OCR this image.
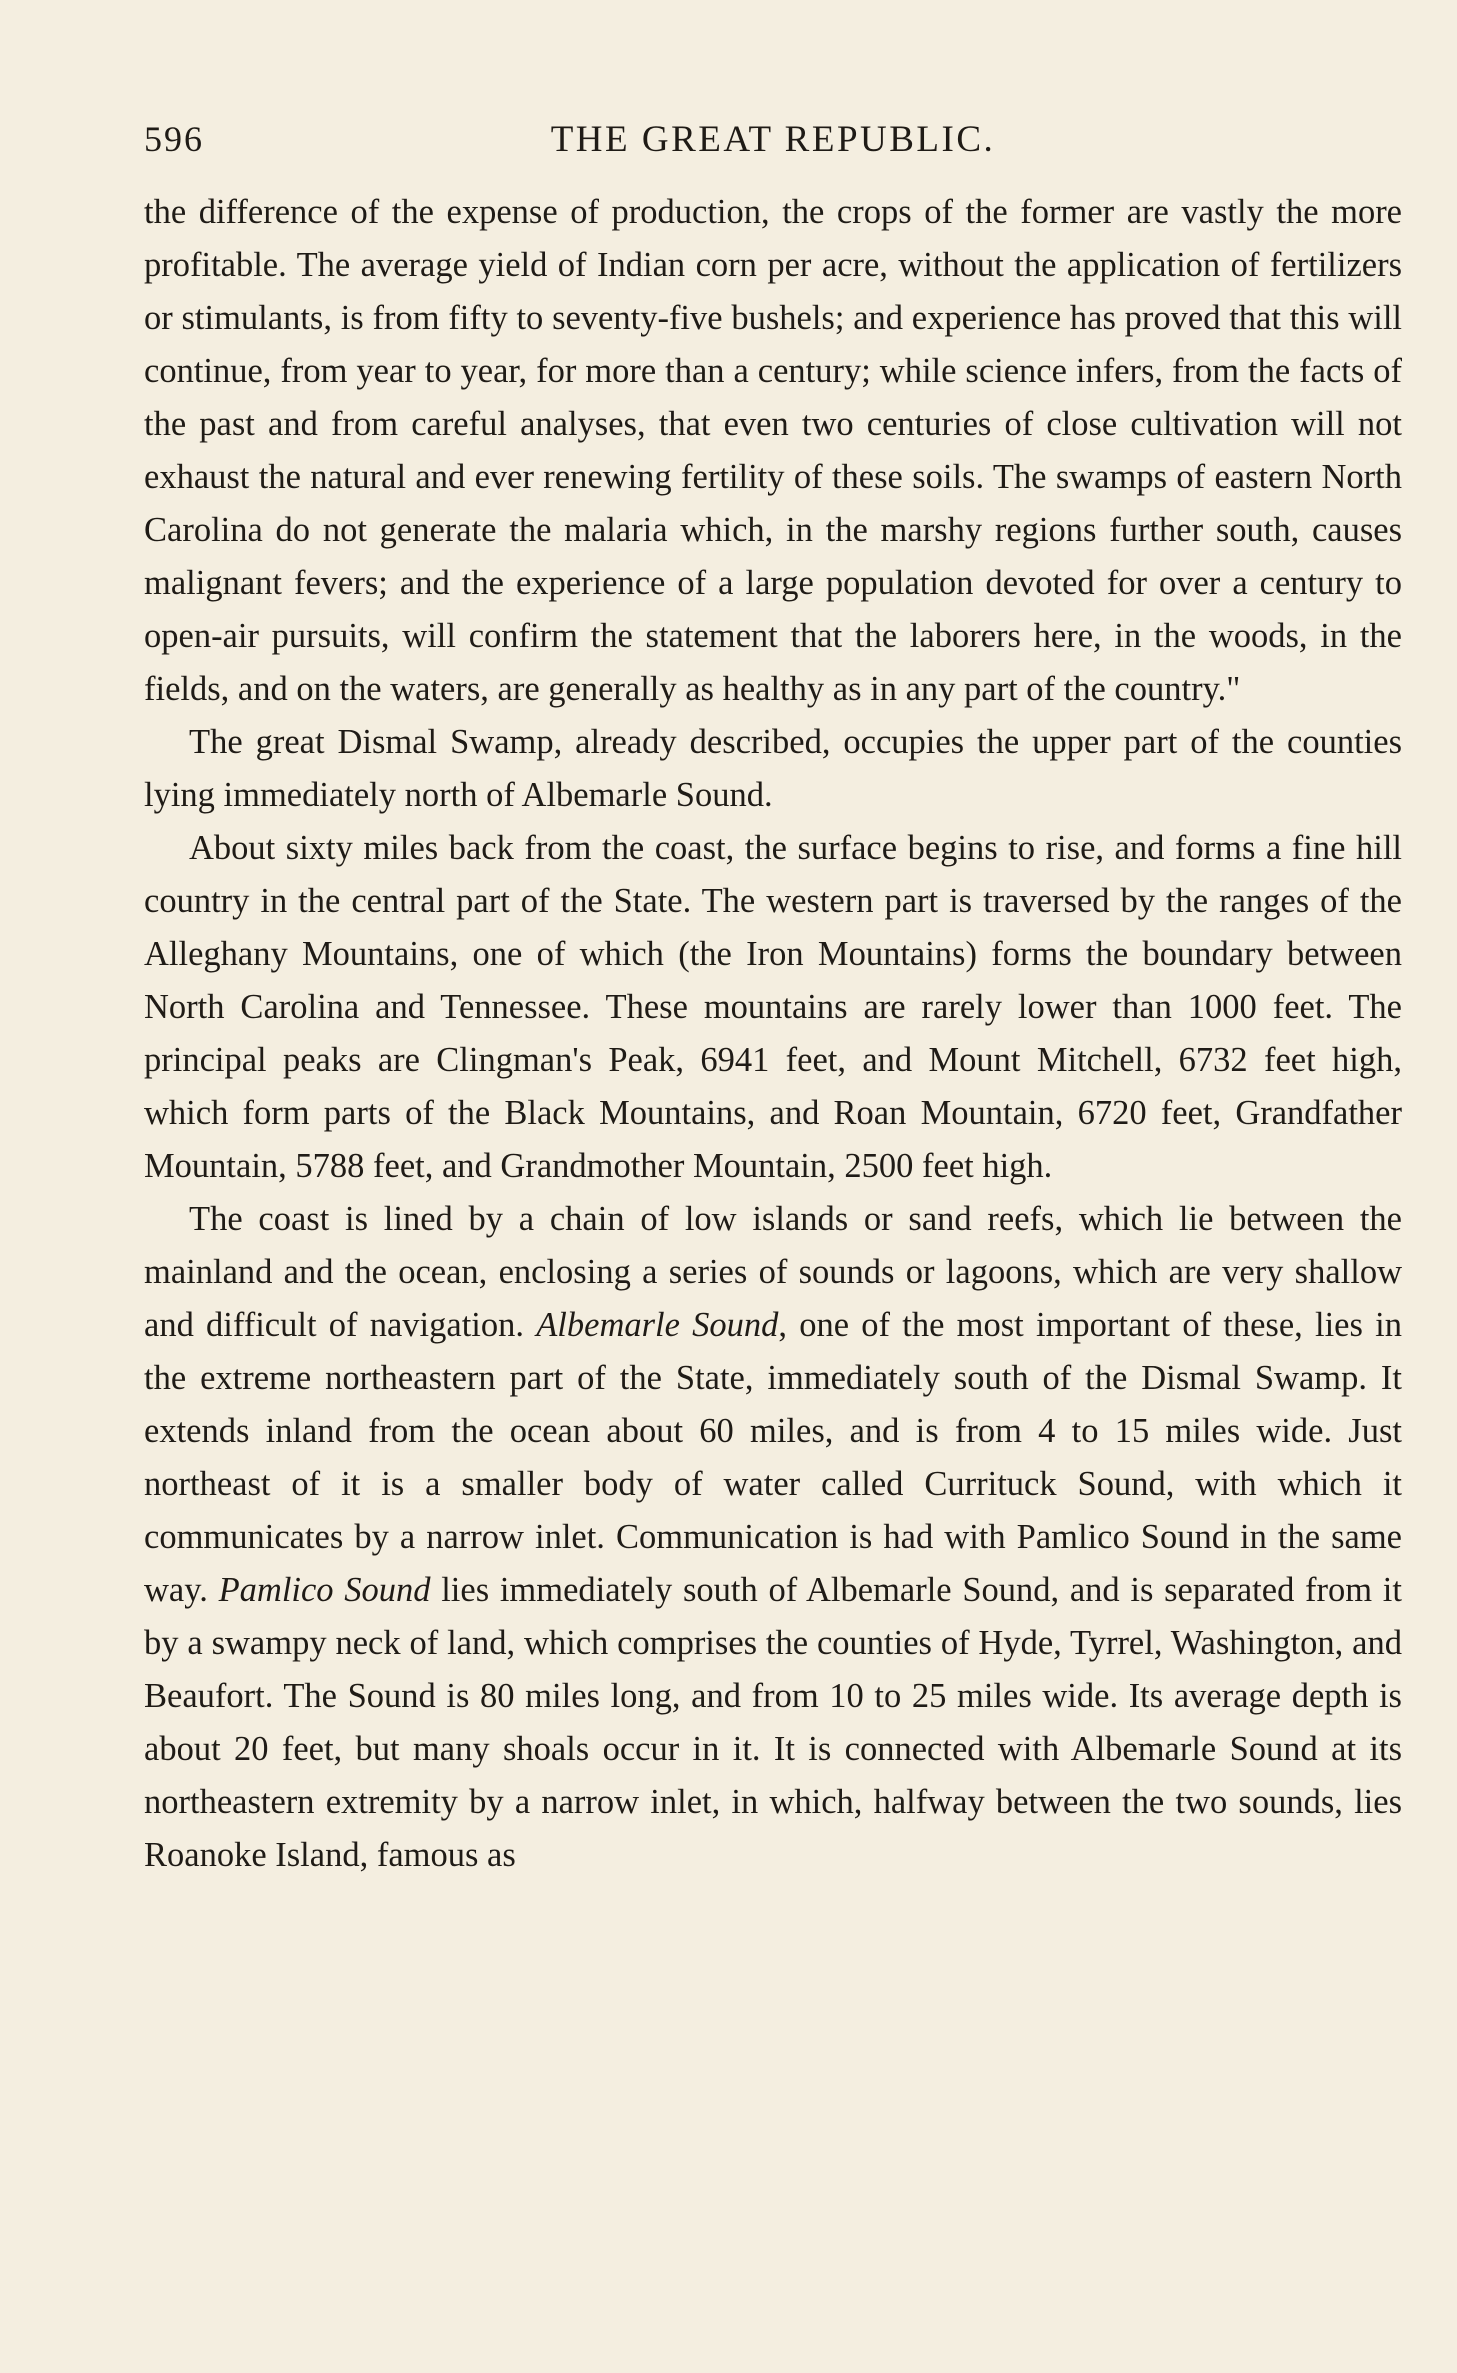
596	THE GREAT REPUBLIC.

the difference of the expense of production, the crops of the former are vastly the more profitable. The average yield of Indian corn per acre, without the application of fertilizers or stimulants, is from fifty to seventy-five bushels; and experience has proved that this will continue, from year to year, for more than a century; while science infers, from the facts of the past and from careful analyses, that even two centuries of close cultivation will not exhaust the natural and ever renewing fertility of these soils. The swamps of eastern North Carolina do not generate the malaria which, in the marshy regions further south, causes malignant fevers; and the experience of a large population devoted for over a century to open-air pursuits, will confirm the statement that the laborers here, in the woods, in the fields, and on the waters, are generally as healthy as in any part of the country."

The great Dismal Swamp, already described, occupies the upper part of the counties lying immediately north of Albemarle Sound.

About sixty miles back from the coast, the surface begins to rise, and forms a fine hill country in the central part of the State. The western part is traversed by the ranges of the Alleghany Mountains, one of which (the Iron Mountains) forms the boundary between North Carolina and Tennessee. These mountains are rarely lower than 1000 feet. The principal peaks are Clingman's Peak, 6941 feet, and Mount Mitchell, 6732 feet high, which form parts of the Black Mountains, and Roan Mountain, 6720 feet, Grandfather Mountain, 5788 feet, and Grandmother Mountain, 2500 feet high.

The coast is lined by a chain of low islands or sand reefs, which lie between the mainland and the ocean, enclosing a series of sounds or lagoons, which are very shallow and difficult of navigation. Albemarle Sound, one of the most important of these, lies in the extreme northeastern part of the State, immediately south of the Dismal Swamp. It extends inland from the ocean about 60 miles, and is from 4 to 15 miles wide. Just northeast of it is a smaller body of water called Currituck Sound, with which it communicates by a narrow inlet. Communication is had with Pamlico Sound in the same way. Pamlico Sound lies immediately south of Albemarle Sound, and is separated from it by a swampy neck of land, which comprises the counties of Hyde, Tyrrel, Washington, and Beaufort. The Sound is 80 miles long, and from 10 to 25 miles wide. Its average depth is about 20 feet, but many shoals occur in it. It is connected with Albemarle Sound at its northeastern extremity by a narrow inlet, in which, halfway between the two sounds, lies Roanoke Island, famous as
